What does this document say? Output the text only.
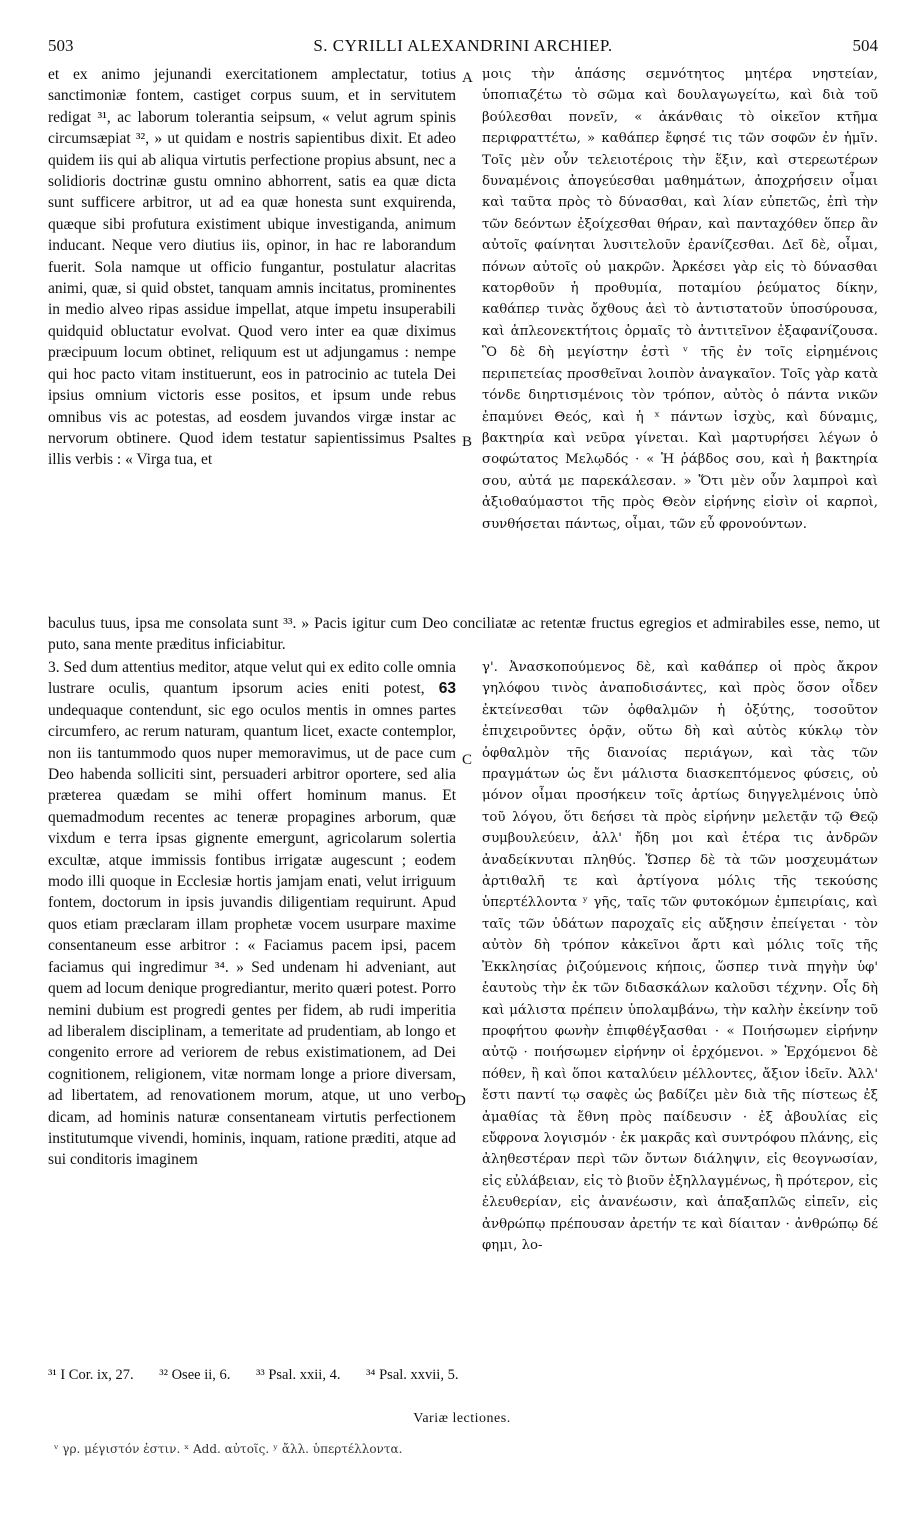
503	S. CYRILLI ALEXANDRINI ARCHIEP.	504

et ex animo jejunandi exercitationem amplectatur, totius sanctimoniæ fontem, castiget corpus suum, et in servitutem redigat ³¹, ac laborum tolerantia seipsum, « velut agrum spinis circumsæpiat ³², » ut quidam e nostris sapientibus dixit. Et adeo quidem iis qui ab aliqua virtutis perfectione propius absunt, nec a solidioris doctrinæ gustu omnino abhorrent, satis ea quæ dicta sunt sufficere arbitror, ut ad ea quæ honesta sunt exquirenda, quæque sibi profutura existiment ubique investiganda, animum inducant. Neque vero diutius iis, opinor, in hac re laborandum fuerit. Sola namque ut officio fungantur, postulatur alacritas animi, quæ, si quid obstet, tanquam amnis incitatus, prominentes in medio alveo ripas assidue impellat, atque impetu insuperabili quidquid obluctatur evolvat. Quod vero inter ea quæ diximus præcipuum locum obtinet, reliquum est ut adjungamus : nempe qui hoc pacto vitam instituerunt, eos in patrocinio ac tutela Dei ipsius omnium victoris esse positos, et ipsum unde rebus omnibus vis ac potestas, ad eosdem juvandos virgæ instar ac nervorum obtinere. Quod idem testatur sapientissimus Psaltes illis verbis : « Virga tua, et

A
B
C
D

μοις τὴν ἁπάσης σεμνότητος μητέρα νηστείαν, ὑποπιαζέτω τὸ σῶμα καὶ δουλαγωγείτω, καὶ διὰ τοῦ βούλεσθαι πονεῖν, « ἀκάνθαις τὸ οἰκεῖον κτῆμα περιφραττέτω, » καθάπερ ἔφησέ τις τῶν σοφῶν ἐν ἡμῖν. Τοῖς μὲν οὖν τελειοτέροις τὴν ἕξιν, καὶ στερεωτέρων δυναμένοις ἀπογεύεσθαι μαθημάτων, ἀποχρήσειν οἶμαι καὶ ταῦτα πρὸς τὸ δύνασθαι, καὶ λίαν εὐπετῶς, ἐπὶ τὴν τῶν δεόντων ἐξοίχεσθαι θήραν, καὶ πανταχόθεν ὅπερ ἂν αὐτοῖς φαίνηται λυσιτελοῦν ἐρανίζεσθαι. Δεῖ δὲ, οἶμαι, πόνων αὐτοῖς οὐ μακρῶν. Ἀρκέσει γὰρ εἰς τὸ δύνασθαι κατορθοῦν ἡ προθυμία, ποταμίου ῥεύματος δίκην, καθάπερ τινὰς ὄχθους ἀεὶ τὸ ἀντιστατοῦν ὑποσύρουσα, καὶ ἀπλεονεκτήτοις ὁρμαῖς τὸ ἀντιτεῖνον ἐξαφανίζουσα. Ὃ δὲ δὴ μεγίστην ἐστὶ ᵛ τῆς ἐν τοῖς εἰρημένοις περιπετείας προσθεῖναι λοιπὸν ἀναγκαῖον. Τοῖς γὰρ κατὰ τόνδε διηρτισμένοις τὸν τρόπον, αὐτὸς ὁ πάντα νικῶν ἐπαμύνει Θεός, καὶ ἡ ˣ πάντων ἰσχὺς, καὶ δύναμις, βακτηρία καὶ νεῦρα γίνεται. Καὶ μαρτυρήσει λέγων ὁ σοφώτατος Μελῳδός · « Ἡ ῥάβδος σου, καὶ ἡ βακτηρία σου, αὐτά με παρεκάλεσαν. » Ὅτι μὲν οὖν λαμπροὶ καὶ ἀξιοθαύμαστοι τῆς πρὸς Θεὸν εἰρήνης εἰσὶν οἱ καρποὶ, συνθήσεται πάντως, οἶμαι, τῶν εὖ φρονούντων.

baculus tuus, ipsa me consolata sunt ³³. » Pacis igitur cum Deo conciliatæ ac retentæ fructus egregios et admirabiles esse, nemo, ut puto, sana mente præditus inficiabitur.

3. Sed dum attentius meditor, atque velut qui ex edito colle omnia lustrare oculis, quantum ipsorum acies eniti potest, 63 undequaque contendunt, sic ego oculos mentis in omnes partes circumfero, ac rerum naturam, quantum licet, exacte contemplor, non iis tantummodo quos nuper memoravimus, ut de pace cum Deo habenda solliciti sint, persuaderi arbitror oportere, sed alia præterea quædam se mihi offert hominum manus. Et quemadmodum recentes ac teneræ propagines arborum, quæ vixdum e terra ipsas gignente emergunt, agricolarum solertia excultæ, atque immissis fontibus irrigatæ augescunt ; eodem modo illi quoque in Ecclesiæ hortis jamjam enati, velut irriguum fontem, doctorum in ipsis juvandis diligentiam requirunt. Apud quos etiam præclaram illam prophetæ vocem usurpare maxime consentaneum esse arbitror : « Faciamus pacem ipsi, pacem faciamus qui ingredimur ³⁴. » Sed undenam hi adveniant, aut quem ad locum denique progrediantur, merito quæri potest. Porro nemini dubium est progredi gentes per fidem, ab rudi imperitia ad liberalem disciplinam, a temeritate ad prudentiam, ab longo et congenito errore ad veriorem de rebus existimationem, ad Dei cognitionem, religionem, vitæ normam longe a priore diversam, ad libertatem, ad renovationem morum, atque, ut uno verbo dicam, ad hominis naturæ consentaneam virtutis perfectionem institutumque vivendi, hominis, inquam, ratione præditi, atque ad sui conditoris imaginem

γ'. Ἀνασκοπούμενος δὲ, καὶ καθάπερ οἱ πρὸς ἄκρον γηλόφου τινὸς ἀναποδισάντες, καὶ πρὸς ὅσον οἶδεν ἐκτείνεσθαι τῶν ὀφθαλμῶν ἡ ὀξύτης, τοσοῦτον ἐπιχειροῦντες ὁρᾷν, οὕτω δὴ καὶ αὐτὸς κύκλῳ τὸν ὀφθαλμὸν τῆς διανοίας περιάγων, καὶ τὰς τῶν πραγμάτων ὡς ἔνι μάλιστα διασκεπτόμενος φύσεις, οὐ μόνον οἶμαι προσήκειν τοῖς ἀρτίως διηγγελμένοις ὑπὸ τοῦ λόγου, ὅτι δεήσει τὰ πρὸς εἰρήνην μελετᾷν τῷ Θεῷ συμβουλεύειν, ἀλλ' ἤδη μοι καὶ ἑτέρα τις ἀνδρῶν ἀναδείκνυται πληθύς. Ὥσπερ δὲ τὰ τῶν μοσχευμάτων ἀρτιθαλῆ τε καὶ ἀρτίγονα μόλις τῆς τεκούσης ὑπερτέλλοντα ʸ γῆς, ταῖς τῶν φυτοκόμων ἐμπειρίαις, καὶ ταῖς τῶν ὑδάτων παροχαῖς εἰς αὔξησιν ἐπείγεται · τὸν αὐτὸν δὴ τρόπον κἀκεῖνοι ἄρτι καὶ μόλις τοῖς τῆς Ἐκκλησίας ῥιζούμενοις κήποις, ὥσπερ τινὰ πηγὴν ὑφ' ἑαυτοὺς τὴν ἐκ τῶν διδασκάλων καλοῦσι τέχνην. Οἷς δὴ καὶ μάλιστα πρέπειν ὑπολαμβάνω, τὴν καλὴν ἐκείνην τοῦ προφήτου φωνὴν ἐπιφθέγξασθαι · « Ποιήσωμεν εἰρήνην αὐτῷ · ποιήσωμεν εἰρήνην οἱ ἐρχόμενοι. » Ἐρχόμενοι δὲ πόθεν, ἢ καὶ ὅποι καταλύειν μέλλοντες, ἄξιον ἰδεῖν. Ἀλλ' ἔστι παντί τῳ σαφὲς ὡς βαδίζει μὲν διὰ τῆς πίστεως ἐξ ἀμαθίας τὰ ἔθνη πρὸς παίδευσιν · ἐξ ἀβουλίας εἰς εὔφρονα λογισμόν · ἐκ μακρᾶς καὶ συντρόφου πλάνης, εἰς ἀληθεστέραν περὶ τῶν ὄντων διάληψιν, εἰς θεογνωσίαν, εἰς εὐλάβειαν, εἰς τὸ βιοῦν ἐξηλλαγμένως, ἢ πρότερον, εἰς ἐλευθερίαν, εἰς ἀνανέωσιν, καὶ ἁπαξαπλῶς εἰπεῖν, εἰς ἀνθρώπῳ πρέπουσαν ἀρετήν τε καὶ δίαιταν · ἀνθρώπῳ δέ φημι, λο-

³¹ I Cor. ix, 27. ³² Osee ii, 6. ³³ Psal. xxii, 4. ³⁴ Psal. xxvii, 5.
Variæ lectiones.
ᵛ γρ. μέγιστόν ἐστιν. ˣ Add. αὐτοῖς. ʸ ἄλλ. ὑπερτέλλοντα.
